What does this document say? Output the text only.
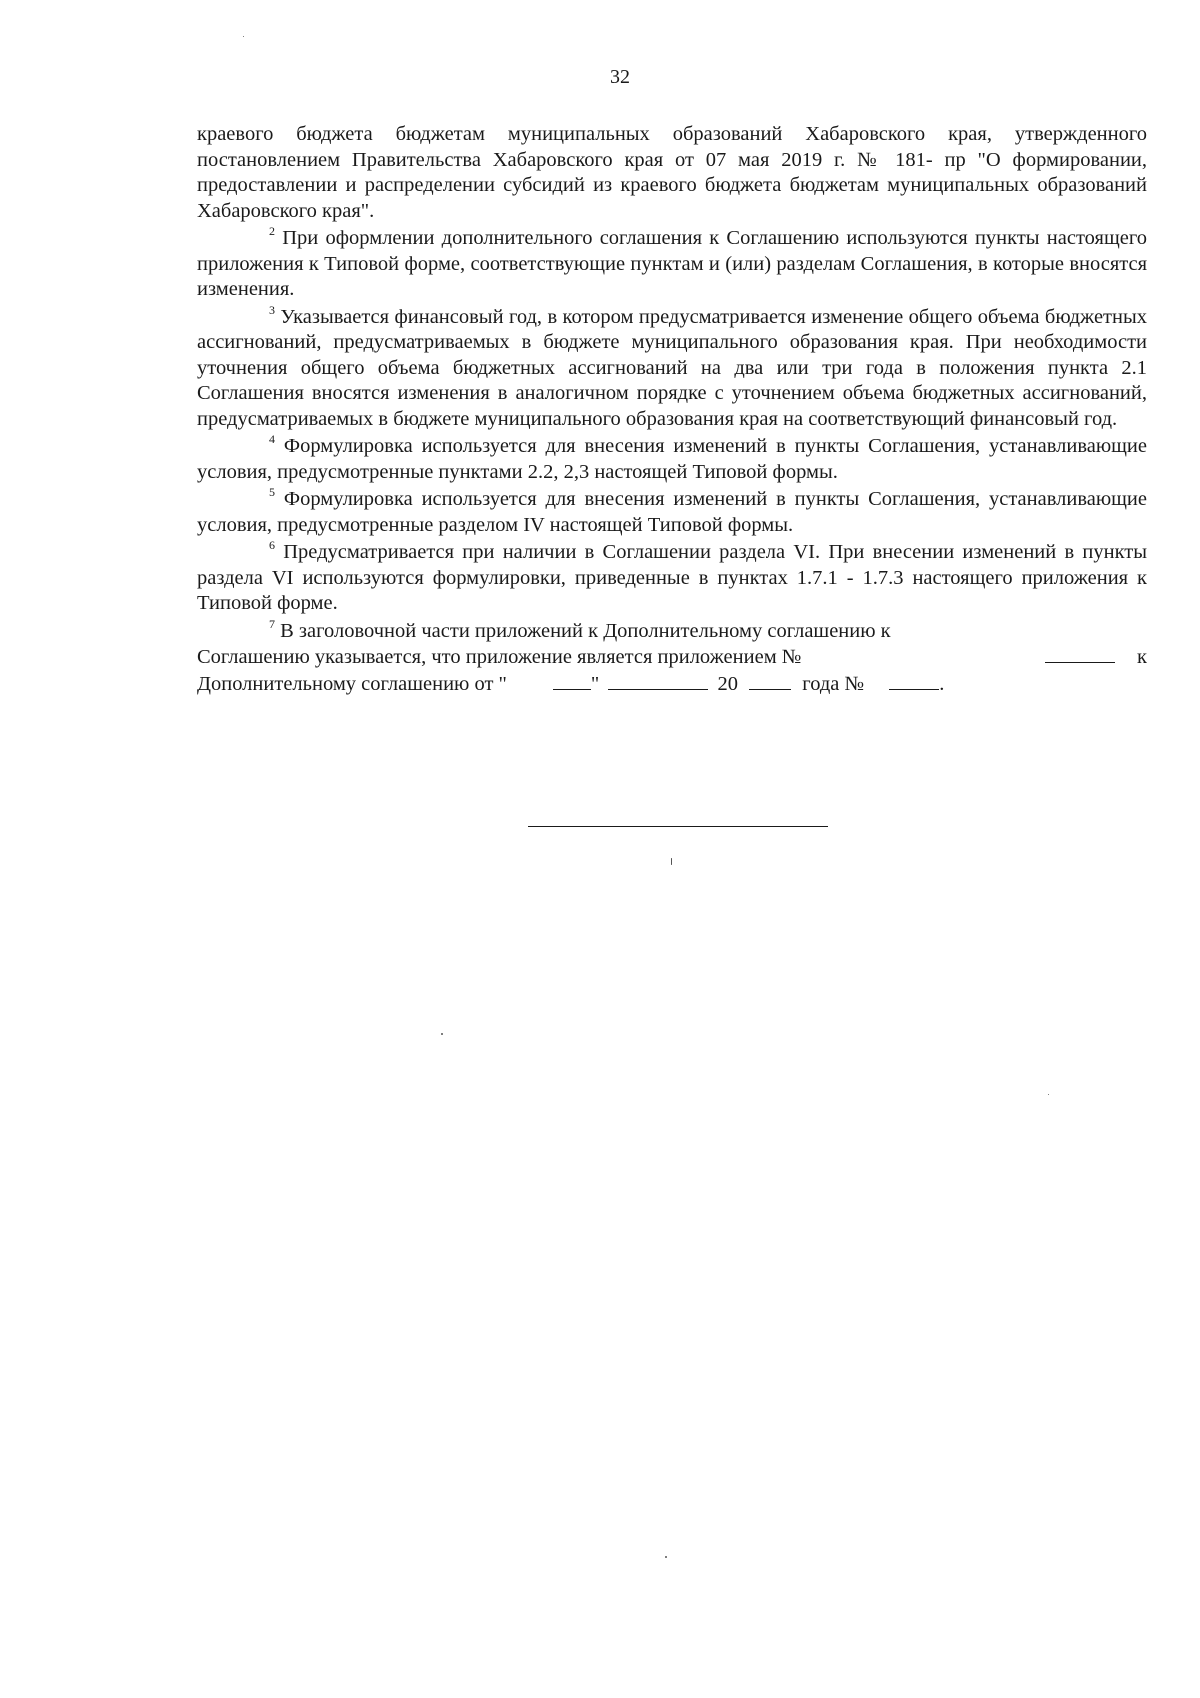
32

краевого бюджета бюджетам муниципальных образований Хабаровского края, утвержденного постановлением Правительства Хабаровского края от 07 мая 2019 г. № 181- пр "О формировании, предоставлении и распределении субсидий из краевого бюджета бюджетам муниципальных образований Хабаровского края".

$^2$ При оформлении дополнительного соглашения к Соглашению используются пункты настоящего приложения к Типовой форме, соответствующие пунктам и (или) разделам Соглашения, в которые вносятся изменения.

$^3$ Указывается финансовый год, в котором предусматривается изменение общего объема бюджетных ассигнований, предусматриваемых в бюджете муниципального образования края. При необходимости уточнения общего объема бюджетных ассигнований на два или три года в положения пункта 2.1 Соглашения вносятся изменения в аналогичном порядке с уточнением объема бюджетных ассигнований, предусматриваемых в бюджете муниципального образования края на соответствующий финансовый год.

$^4$ Формулировка используется для внесения изменений в пункты Соглашения, устанавливающие условия, предусмотренные пунктами 2.2, 2,3 настоящей Типовой формы.

$^5$ Формулировка используется для внесения изменений в пункты Соглашения, устанавливающие условия, предусмотренные разделом IV настоящей Типовой формы.

$^6$ Предусматривается при наличии в Соглашении раздела VI. При внесении изменений в пункты раздела VI используются формулировки, приведенные в пунктах 1.7.1 - 1.7.3 настоящего приложения к Типовой форме.

$^7$ В заголовочной части приложений к Дополнительному соглашению к
Соглашению указывается, что приложение является приложением №	к
Дополнительному соглашению от "	"	20	года №	.
